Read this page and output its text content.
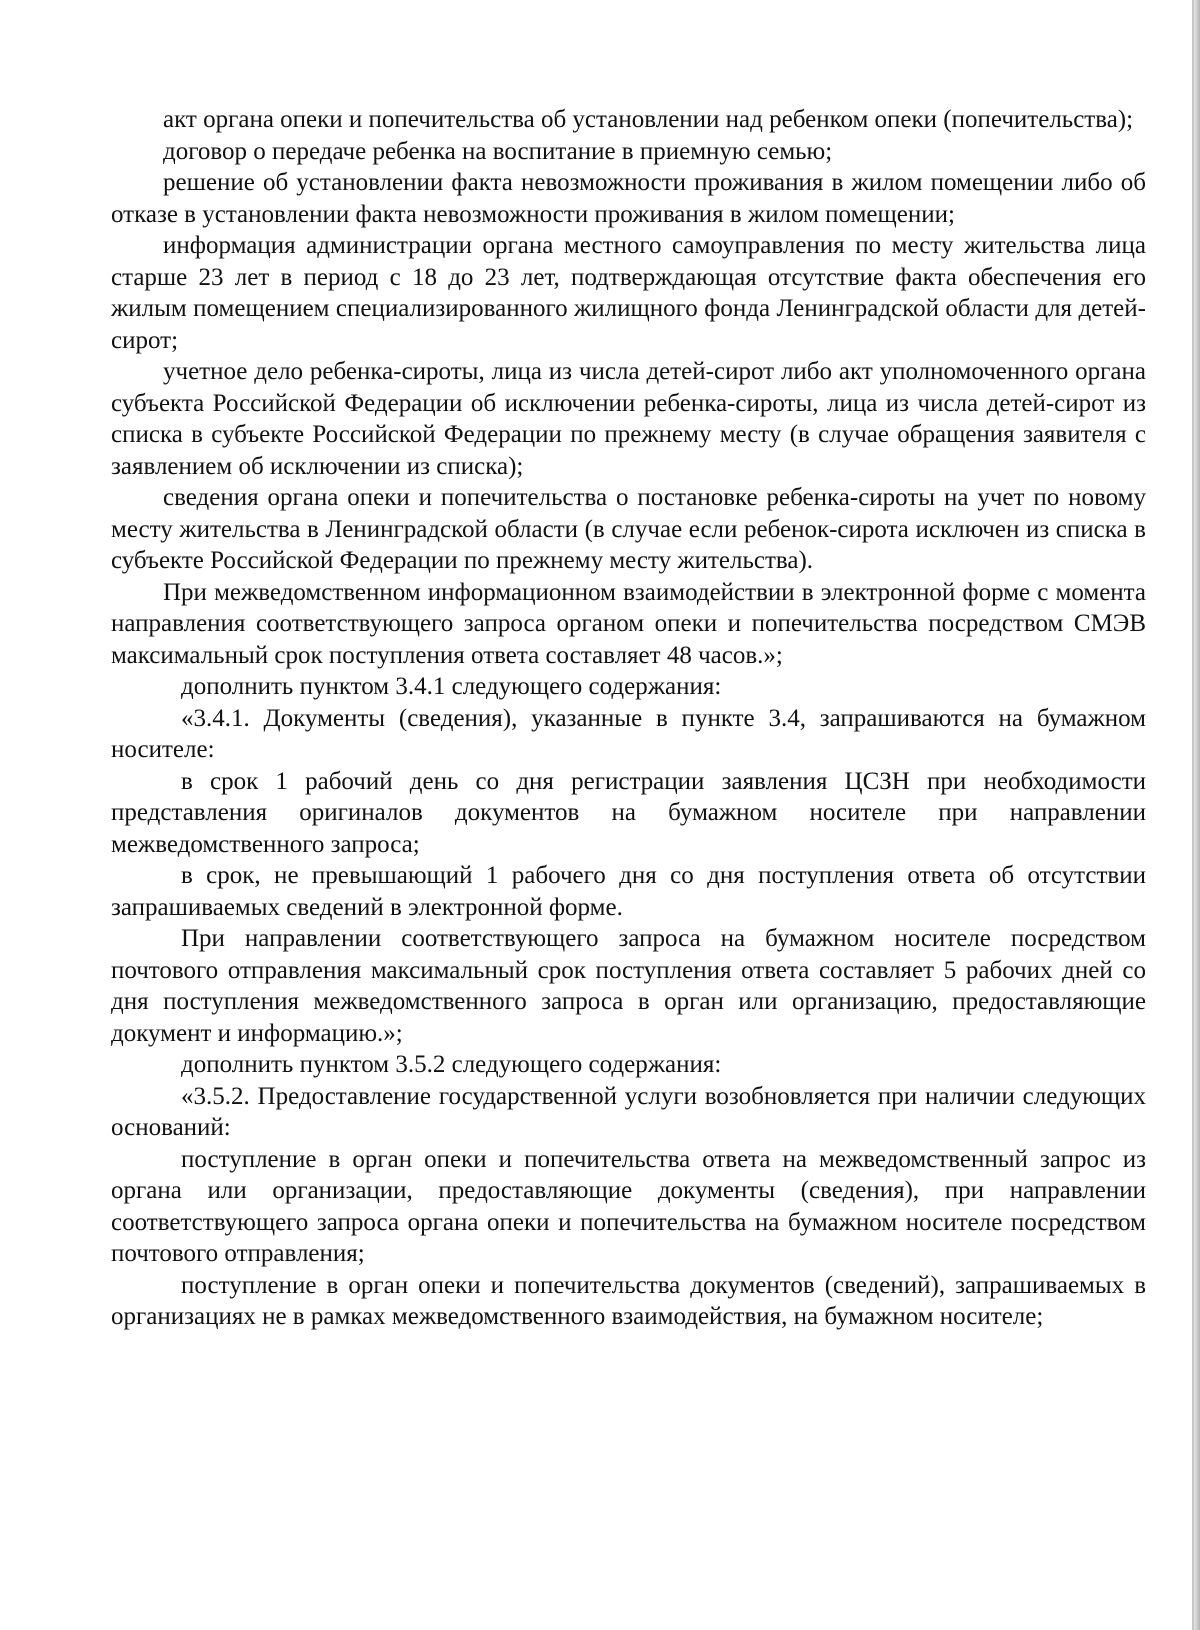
акт органа опеки и попечительства об установлении над ребенком опеки (попечительства);

договор о передаче ребенка на воспитание в приемную семью;

решение об установлении факта невозможности проживания в жилом помещении либо об отказе в установлении факта невозможности проживания в жилом помещении;

информация администрации органа местного самоуправления по месту жительства лица старше 23 лет в период с 18 до 23 лет, подтверждающая отсутствие факта обеспечения его жилым помещением специализированного жилищного фонда Ленинградской области для детей-сирот;

учетное дело ребенка-сироты, лица из числа детей-сирот либо акт уполномоченного органа субъекта Российской Федерации об исключении ребенка-сироты, лица из числа детей-сирот из списка в субъекте Российской Федерации по прежнему месту (в случае обращения заявителя с заявлением об исключении из списка);

сведения органа опеки и попечительства о постановке ребенка-сироты на учет по новому месту жительства в Ленинградской области (в случае если ребенок-сирота исключен из списка в субъекте Российской Федерации по прежнему месту жительства).

При межведомственном информационном взаимодействии в электронной форме с момента направления соответствующего запроса органом опеки и попечительства посредством СМЭВ максимальный срок поступления ответа составляет 48 часов.»;

дополнить пунктом 3.4.1 следующего содержания:

«3.4.1. Документы (сведения), указанные в пункте 3.4, запрашиваются на бумажном носителе:

в срок 1 рабочий день со дня регистрации заявления ЦСЗН при необходимости представления оригиналов документов на бумажном носителе при направлении межведомственного запроса;

в срок, не превышающий 1 рабочего дня со дня поступления ответа об отсутствии запрашиваемых сведений в электронной форме.

При направлении соответствующего запроса на бумажном носителе посредством почтового отправления максимальный срок поступления ответа составляет 5 рабочих дней со дня поступления межведомственного запроса в орган или организацию, предоставляющие документ и информацию.»;

дополнить пунктом 3.5.2 следующего содержания:

«3.5.2. Предоставление государственной услуги возобновляется при наличии следующих оснований:

поступление в орган опеки и попечительства ответа на межведомственный запрос из органа или организации, предоставляющие документы (сведения), при направлении соответствующего запроса органа опеки и попечительства на бумажном носителе посредством почтового отправления;

поступление в орган опеки и попечительства документов (сведений), запрашиваемых в организациях не в рамках межведомственного взаимодействия, на бумажном носителе;
